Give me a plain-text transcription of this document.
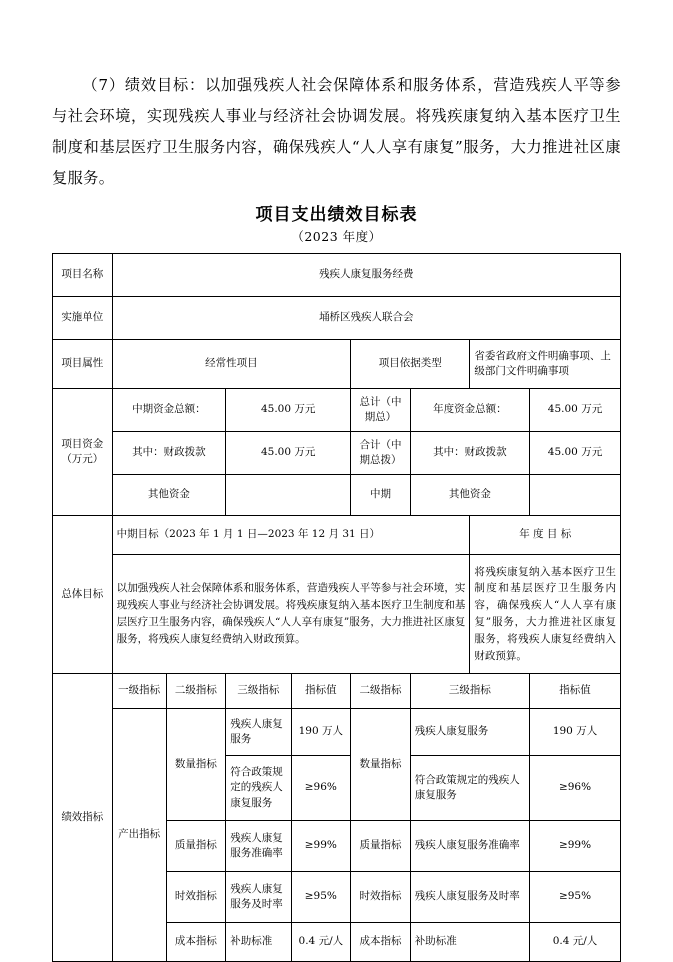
（7）绩效目标：以加强残疾人社会保障体系和服务体系，营造残疾人平等参与社会环境，实现残疾人事业与经济社会协调发展。将残疾康复纳入基本医疗卫生制度和基层医疗卫生服务内容，确保残疾人“人人享有康复”服务，大力推进社区康复服务。

项目支出绩效目标表
（2023 年度）
项目名称	残疾人康复服务经费							
实施单位	埇桥区残疾人联合会							
项目属性	经常性项目				项目依据类型		省委省政府文件明确事项、上级部门文件明确事项	
项目资金（万元）	中期资金总额：		45.00 万元		总计（中期总）	年度资金总额：		45.00 万元
	其中：财政拨款		45.00 万元		合计（中期总拨）	其中：财政拨款		45.00 万元
	其他资金				中期	其他资金		
总体目标	中期目标（2023 年 1 月 1 日—2023 年 12 月 31 日）						年 度 目 标	
	以加强残疾人社会保障体系和服务体系，营造残疾人平等参与社会环境，实现残疾人事业与经济社会协调发展。将残疾康复纳入基本医疗卫生制度和基层医疗卫生服务内容，确保残疾人“人人享有康复”服务，大力推进社区康复服务，将残疾人康复经费纳入财政预算。						将残疾康复纳入基本医疗卫生制度和基层医疗卫生服务内容，确保残疾人“人人享有康复”服务，大力推进社区康复服务，将残疾人康复经费纳入财政预算。	
绩效指标	一级指标	二级指标	三级指标	指标值	二级指标	三级指标		指标值
	产出指标	数量指标	残疾人康复服务	190 万人	数量指标	残疾人康复服务		190 万人
			符合政策规定的残疾人康复服务	≥96%		符合政策规定的残疾人康复服务		≥96%
		质量指标	残疾人康复服务准确率	≥99%	质量指标	残疾人康复服务准确率		≥99%
		时效指标	残疾人康复服务及时率	≥95%	时效指标	残疾人康复服务及时率		≥95%
		成本指标	补助标准	0.4 元/人	成本指标	补助标准		0.4 元/人
